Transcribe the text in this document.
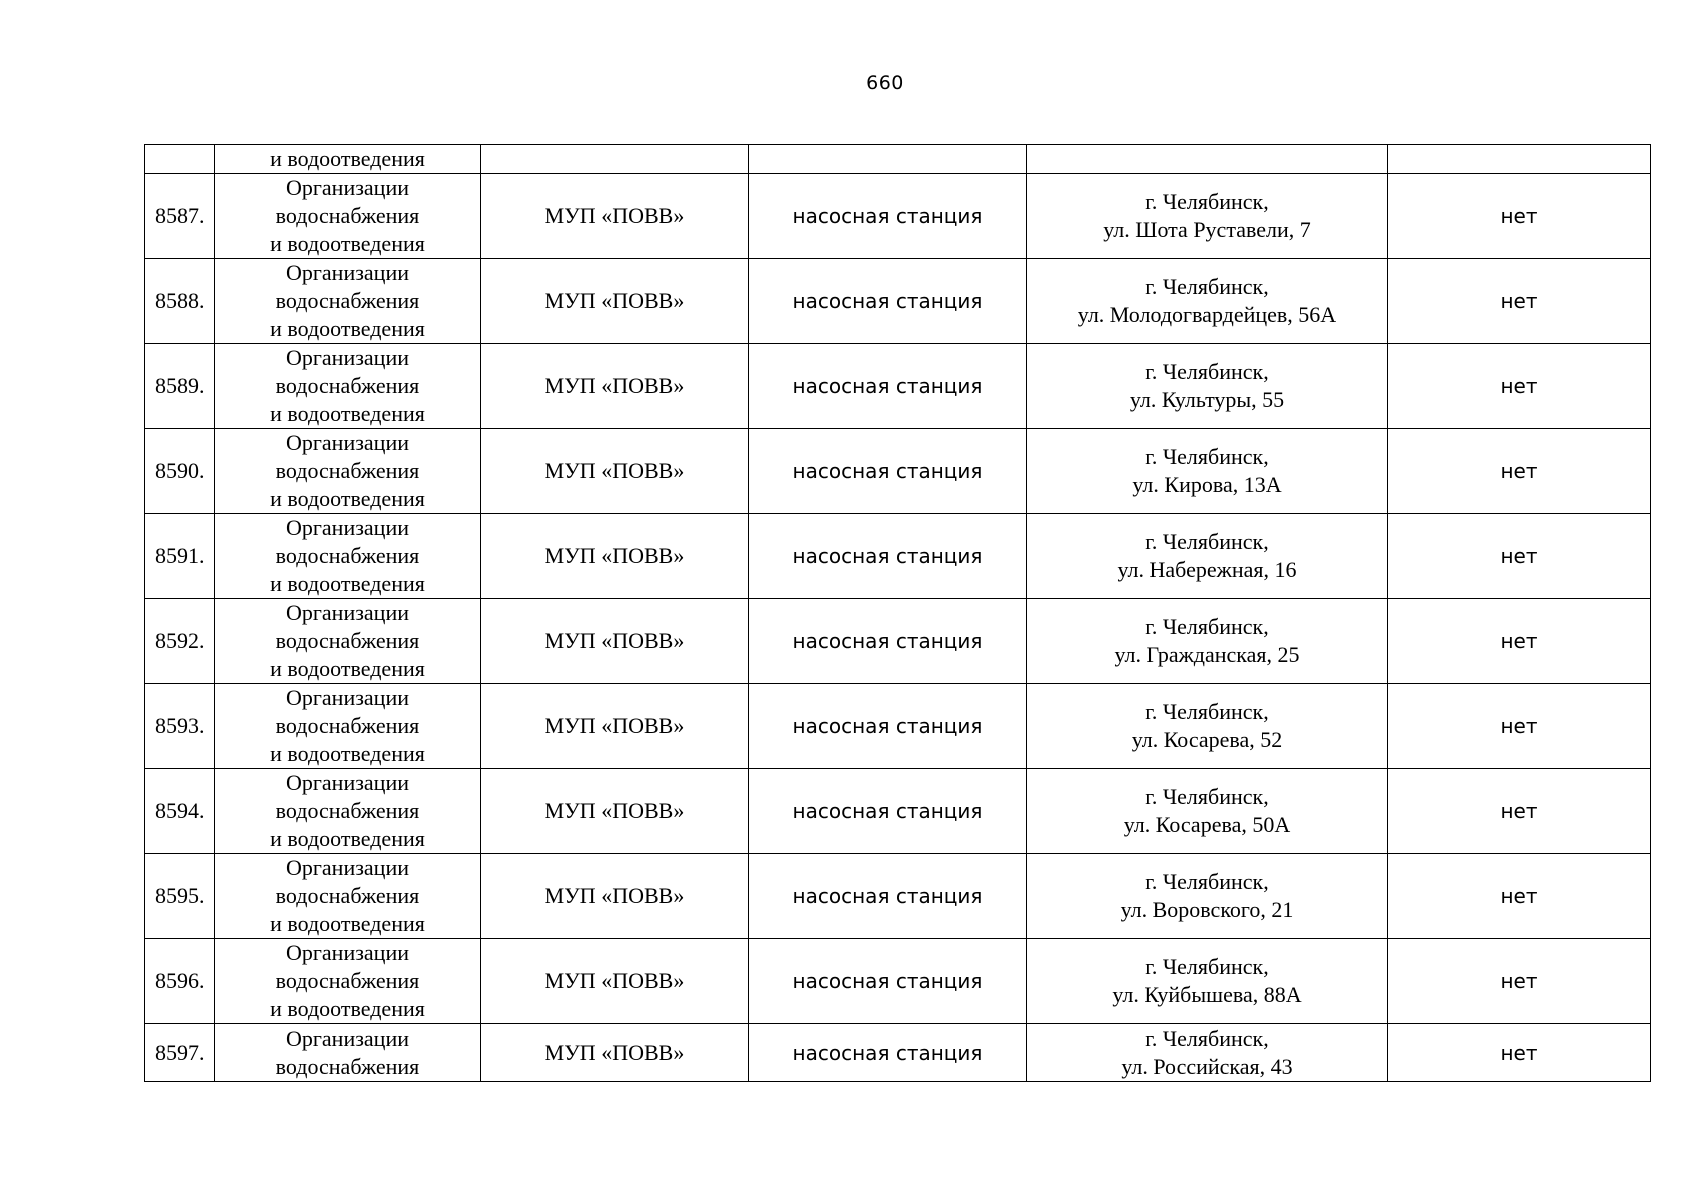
660

	и водоотведения				

8587.	Организации
водоснабжения
и водоотведения	МУП «ПОВВ»	насосная станция	г. Челябинск,
ул. Шота Руставели, 7	нет

8588.	Организации
водоснабжения
и водоотведения	МУП «ПОВВ»	насосная станция	г. Челябинск,
ул. Молодогвардейцев, 56А	нет

8589.	Организации
водоснабжения
и водоотведения	МУП «ПОВВ»	насосная станция	г. Челябинск,
ул. Культуры, 55	нет

8590.	Организации
водоснабжения
и водоотведения	МУП «ПОВВ»	насосная станция	г. Челябинск,
ул. Кирова, 13А	нет

8591.	Организации
водоснабжения
и водоотведения	МУП «ПОВВ»	насосная станция	г. Челябинск,
ул. Набережная, 16	нет

8592.	Организации
водоснабжения
и водоотведения	МУП «ПОВВ»	насосная станция	г. Челябинск,
ул. Гражданская, 25	нет

8593.	Организации
водоснабжения
и водоотведения	МУП «ПОВВ»	насосная станция	г. Челябинск,
ул. Косарева, 52	нет

8594.	Организации
водоснабжения
и водоотведения	МУП «ПОВВ»	насосная станция	г. Челябинск,
ул. Косарева, 50А	нет

8595.	Организации
водоснабжения
и водоотведения	МУП «ПОВВ»	насосная станция	г. Челябинск,
ул. Воровского, 21	нет

8596.	Организации
водоснабжения
и водоотведения	МУП «ПОВВ»	насосная станция	г. Челябинск,
ул. Куйбышева, 88А	нет

8597.	Организации
водоснабжения	МУП «ПОВВ»	насосная станция	г. Челябинск,
ул. Российская, 43	нет
